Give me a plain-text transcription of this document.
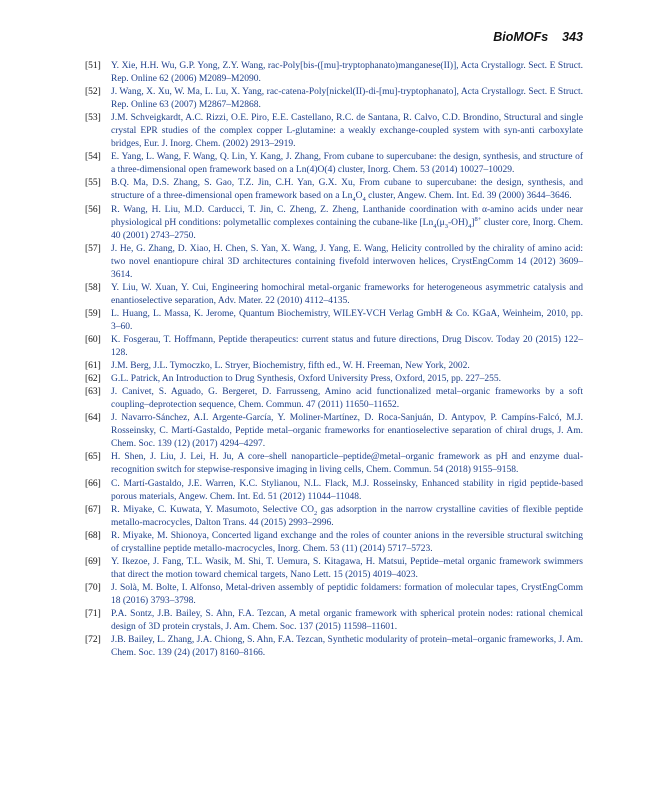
BioMOFs 343
[51]	Y. Xie, H.H. Wu, G.P. Yong, Z.Y. Wang, rac-Poly[bis-([mu]-tryptophanato)manganese(II)], Acta Crystallogr. Sect. E Struct. Rep. Online 62 (2006) M2089–M2090.
[52]	J. Wang, X. Xu, W. Ma, L. Lu, X. Yang, rac-catena-Poly[nickel(II)-di-[mu]-tryptophanato], Acta Crystallogr. Sect. E Struct. Rep. Online 63 (2007) M2867–M2868.
[53]	J.M. Schveigkardt, A.C. Rizzi, O.E. Piro, E.E. Castellano, R.C. de Santana, R. Calvo, C.D. Brondino, Structural and single crystal EPR studies of the complex copper L-glutamine: a weakly exchange-coupled system with syn-anti carboxylate bridges, Eur. J. Inorg. Chem. (2002) 2913–2919.
[54]	E. Yang, L. Wang, F. Wang, Q. Lin, Y. Kang, J. Zhang, From cubane to supercubane: the design, synthesis, and structure of a three-dimensional open framework based on a Ln(4)O(4) cluster, Inorg. Chem. 53 (2014) 10027–10029.
[55]	B.Q. Ma, D.S. Zhang, S. Gao, T.Z. Jin, C.H. Yan, G.X. Xu, From cubane to supercubane: the design, synthesis, and structure of a three-dimensional open framework based on a $Ln_4O_4$ cluster, Angew. Chem. Int. Ed. 39 (2000) 3644–3646.
[56]	R. Wang, H. Liu, M.D. Carducci, T. Jin, C. Zheng, Z. Zheng, Lanthanide coordination with α-amino acids under near physiological pH conditions: polymetallic complexes containing the cubane-like $[Ln_4(\mu_3-OH)_4]^{8+}$ cluster core, Inorg. Chem. 40 (2001) 2743–2750.
[57]	J. He, G. Zhang, D. Xiao, H. Chen, S. Yan, X. Wang, J. Yang, E. Wang, Helicity controlled by the chirality of amino acid: two novel enantiopure chiral 3D architectures containing fivefold interwoven helices, CrystEngComm 14 (2012) 3609–3614.
[58]	Y. Liu, W. Xuan, Y. Cui, Engineering homochiral metal-organic frameworks for heterogeneous asymmetric catalysis and enantioselective separation, Adv. Mater. 22 (2010) 4112–4135.
[59]	L. Huang, L. Massa, K. Jerome, Quantum Biochemistry, WILEY-VCH Verlag GmbH & Co. KGaA, Weinheim, 2010, pp. 3–60.
[60]	K. Fosgerau, T. Hoffmann, Peptide therapeutics: current status and future directions, Drug Discov. Today 20 (2015) 122–128.
[61]	J.M. Berg, J.L. Tymoczko, L. Stryer, Biochemistry, fifth ed., W. H. Freeman, New York, 2002.
[62]	G.L. Patrick, An Introduction to Drug Synthesis, Oxford University Press, Oxford, 2015, pp. 227–255.
[63]	J. Canivet, S. Aguado, G. Bergeret, D. Farrusseng, Amino acid functionalized metal–organic frameworks by a soft coupling–deprotection sequence, Chem. Commun. 47 (2011) 11650–11652.
[64]	J. Navarro-Sánchez, A.I. Argente-García, Y. Moliner-Martínez, D. Roca-Sanjuán, D. Antypov, P. Campíns-Falcó, M.J. Rosseinsky, C. Martí-Gastaldo, Peptide metal–organic frameworks for enantioselective separation of chiral drugs, J. Am. Chem. Soc. 139 (12) (2017) 4294–4297.
[65]	H. Shen, J. Liu, J. Lei, H. Ju, A core–shell nanoparticle–peptide@metal–organic framework as pH and enzyme dual-recognition switch for stepwise-responsive imaging in living cells, Chem. Commun. 54 (2018) 9155–9158.
[66]	C. Martí-Gastaldo, J.E. Warren, K.C. Stylianou, N.L. Flack, M.J. Rosseinsky, Enhanced stability in rigid peptide-based porous materials, Angew. Chem. Int. Ed. 51 (2012) 11044–11048.
[67]	R. Miyake, C. Kuwata, Y. Masumoto, Selective $CO_2$ gas adsorption in the narrow crystalline cavities of flexible peptide metallo-macrocycles, Dalton Trans. 44 (2015) 2993–2996.
[68]	R. Miyake, M. Shionoya, Concerted ligand exchange and the roles of counter anions in the reversible structural switching of crystalline peptide metallo-macrocycles, Inorg. Chem. 53 (11) (2014) 5717–5723.
[69]	Y. Ikezoe, J. Fang, T.L. Wasik, M. Shi, T. Uemura, S. Kitagawa, H. Matsui, Peptide–metal organic framework swimmers that direct the motion toward chemical targets, Nano Lett. 15 (2015) 4019–4023.
[70]	J. Solà, M. Bolte, I. Alfonso, Metal-driven assembly of peptidic foldamers: formation of molecular tapes, CrystEngComm 18 (2016) 3793–3798.
[71]	P.A. Sontz, J.B. Bailey, S. Ahn, F.A. Tezcan, A metal organic framework with spherical protein nodes: rational chemical design of 3D protein crystals, J. Am. Chem. Soc. 137 (2015) 11598–11601.
[72]	J.B. Bailey, L. Zhang, J.A. Chiong, S. Ahn, F.A. Tezcan, Synthetic modularity of protein–metal–organic frameworks, J. Am. Chem. Soc. 139 (24) (2017) 8160–8166.
